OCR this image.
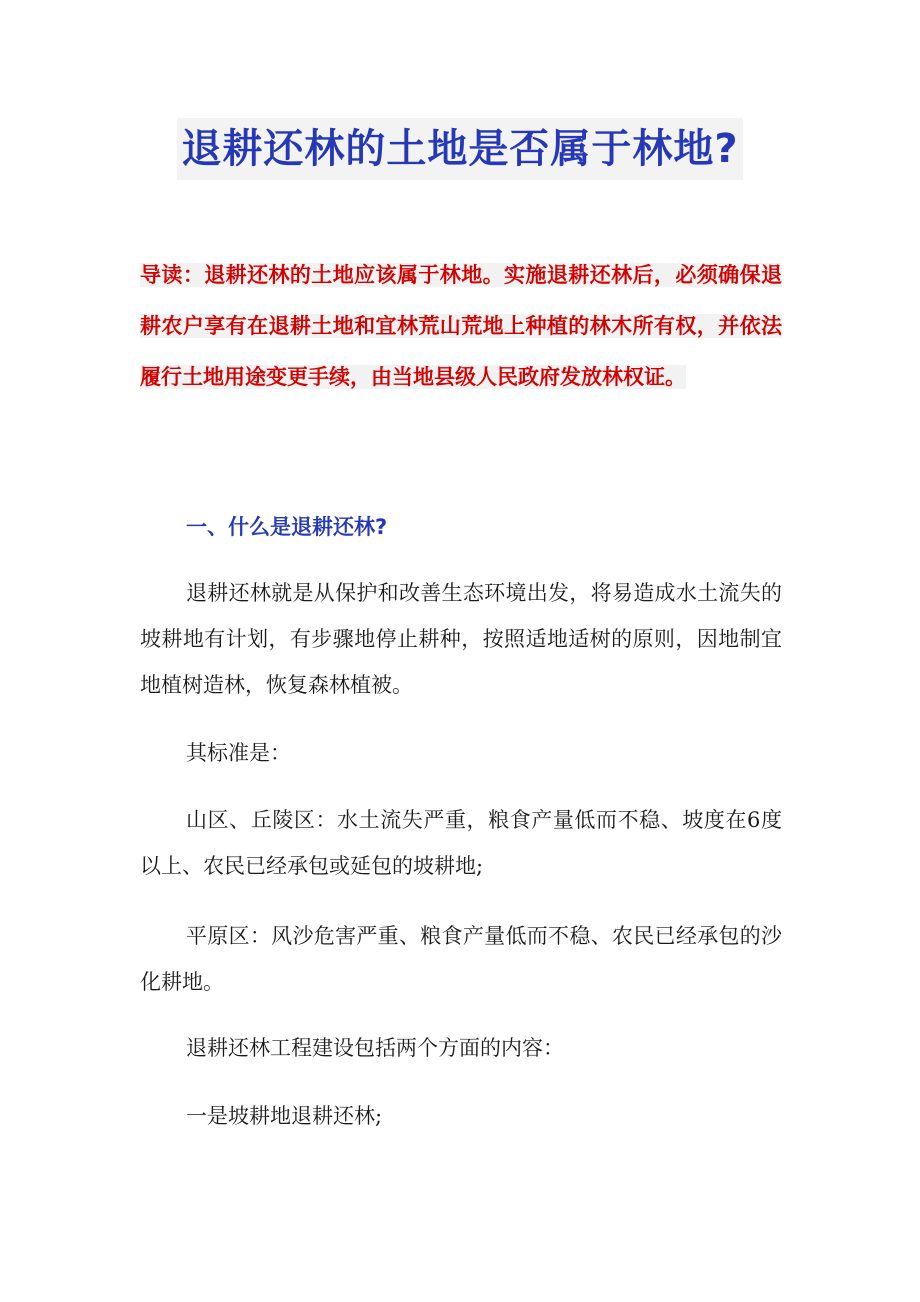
退耕还林的土地是否属于林地?

导读：退耕还林的土地应该属于林地。实施退耕还林后，必须确保退耕农户享有在退耕土地和宜林荒山荒地上种植的林木所有权，并依法履行土地用途变更手续，由当地县级人民政府发放林权证。

一、什么是退耕还林?

退耕还林就是从保护和改善生态环境出发，将易造成水土流失的坡耕地有计划，有步骤地停止耕种，按照适地适树的原则，因地制宜地植树造林，恢复森林植被。

其标准是：

山区、丘陵区：水土流失严重，粮食产量低而不稳、坡度在6度以上、农民已经承包或延包的坡耕地;

平原区：风沙危害严重、粮食产量低而不稳、农民已经承包的沙化耕地。

退耕还林工程建设包括两个方面的内容：

一是坡耕地退耕还林;
